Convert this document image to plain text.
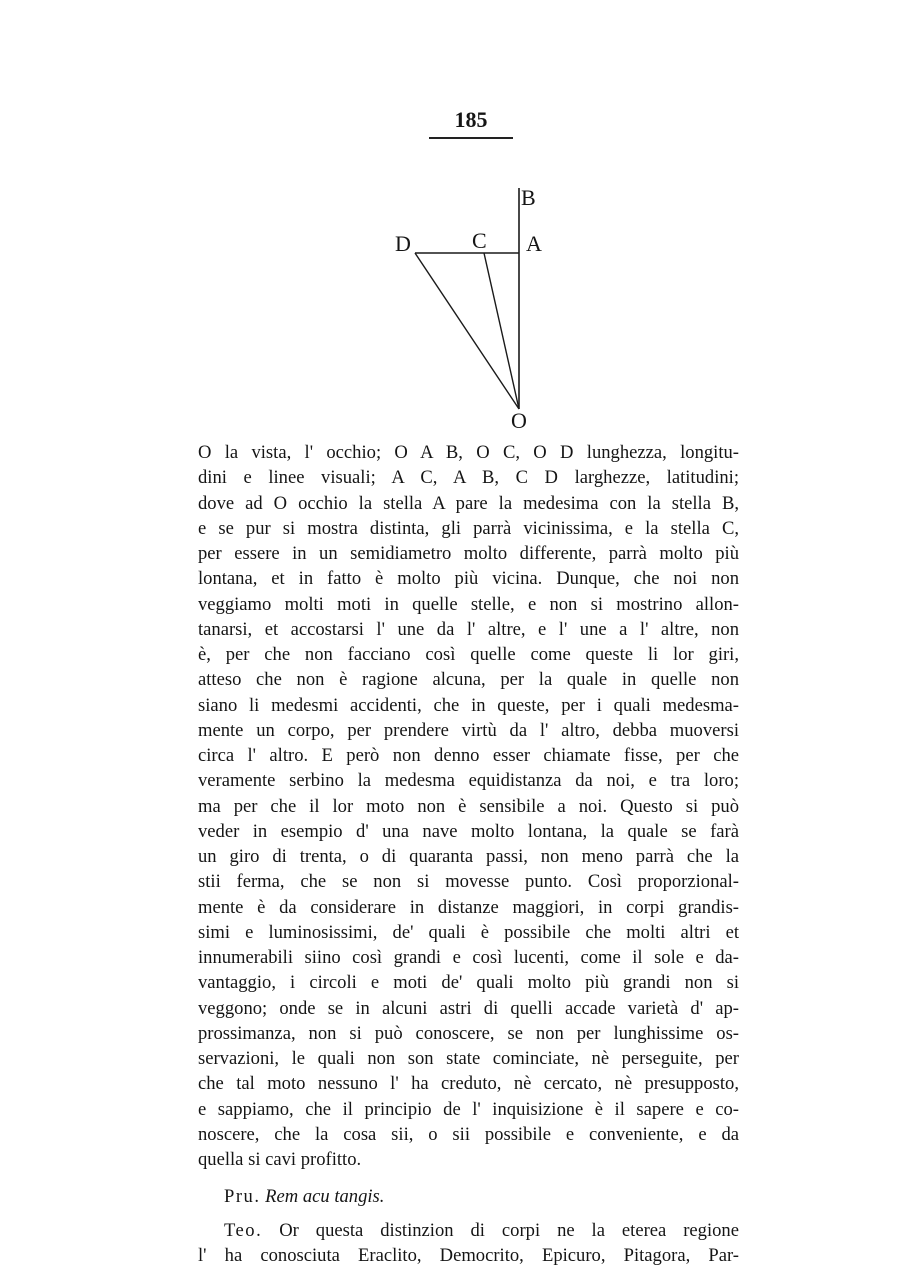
185
B
D	C A
O
O la vista, l' occhio; O A B, O C, O D lunghezza, longitu-
dini e linee visuali; A C, A B, C D larghezze, latitudini;
dove ad O occhio la stella A pare la medesima con la stella B,
e se pur si mostra distinta, gli parrà vicinissima, e la stella C,
per essere in un semidiametro molto differente, parrà molto più
lontana, et in fatto è molto più vicina. Dunque, che noi non
veggiamo molti moti in quelle stelle, e non si mostrino allon-
tanarsi, et accostarsi l' une da l' altre, e l' une a l' altre, non
è, per che non facciano così quelle come queste li lor giri,
atteso che non è ragione alcuna, per la quale in quelle non
siano li medesmi accidenti, che in queste, per i quali medesma-
mente un corpo, per prendere virtù da l' altro, debba muoversi
circa l' altro. E però non denno esser chiamate fisse, per che
veramente serbino la medesma equidistanza da noi, e tra loro;
ma per che il lor moto non è sensibile a noi. Questo si può
veder in esempio d' una nave molto lontana, la quale se farà
un giro di trenta, o di quaranta passi, non meno parrà che la
stii ferma, che se non si movesse punto. Così proporzional-
mente è da considerare in distanze maggiori, in corpi grandis-
simi e luminosissimi, de' quali è possibile che molti altri et
innumerabili siino così grandi e così lucenti, come il sole e da-
vantaggio, i circoli e moti de' quali molto più grandi non si
veggono; onde se in alcuni astri di quelli accade varietà d' ap-
prossimanza, non si può conoscere, se non per lunghissime os-
servazioni, le quali non son state cominciate, nè perseguite, per
che tal moto nessuno l' ha creduto, nè cercato, nè presupposto,
e sappiamo, che il principio de l' inquisizione è il sapere e co-
noscere, che la cosa sii, o sii possibile e conveniente, e da
quella si cavi profitto.
Pru. Rem acu tangis.
Teo. Or questa distinzion di corpi ne la eterea regione
l' ha conosciuta Eraclito, Democrito, Epicuro, Pitagora, Par-
